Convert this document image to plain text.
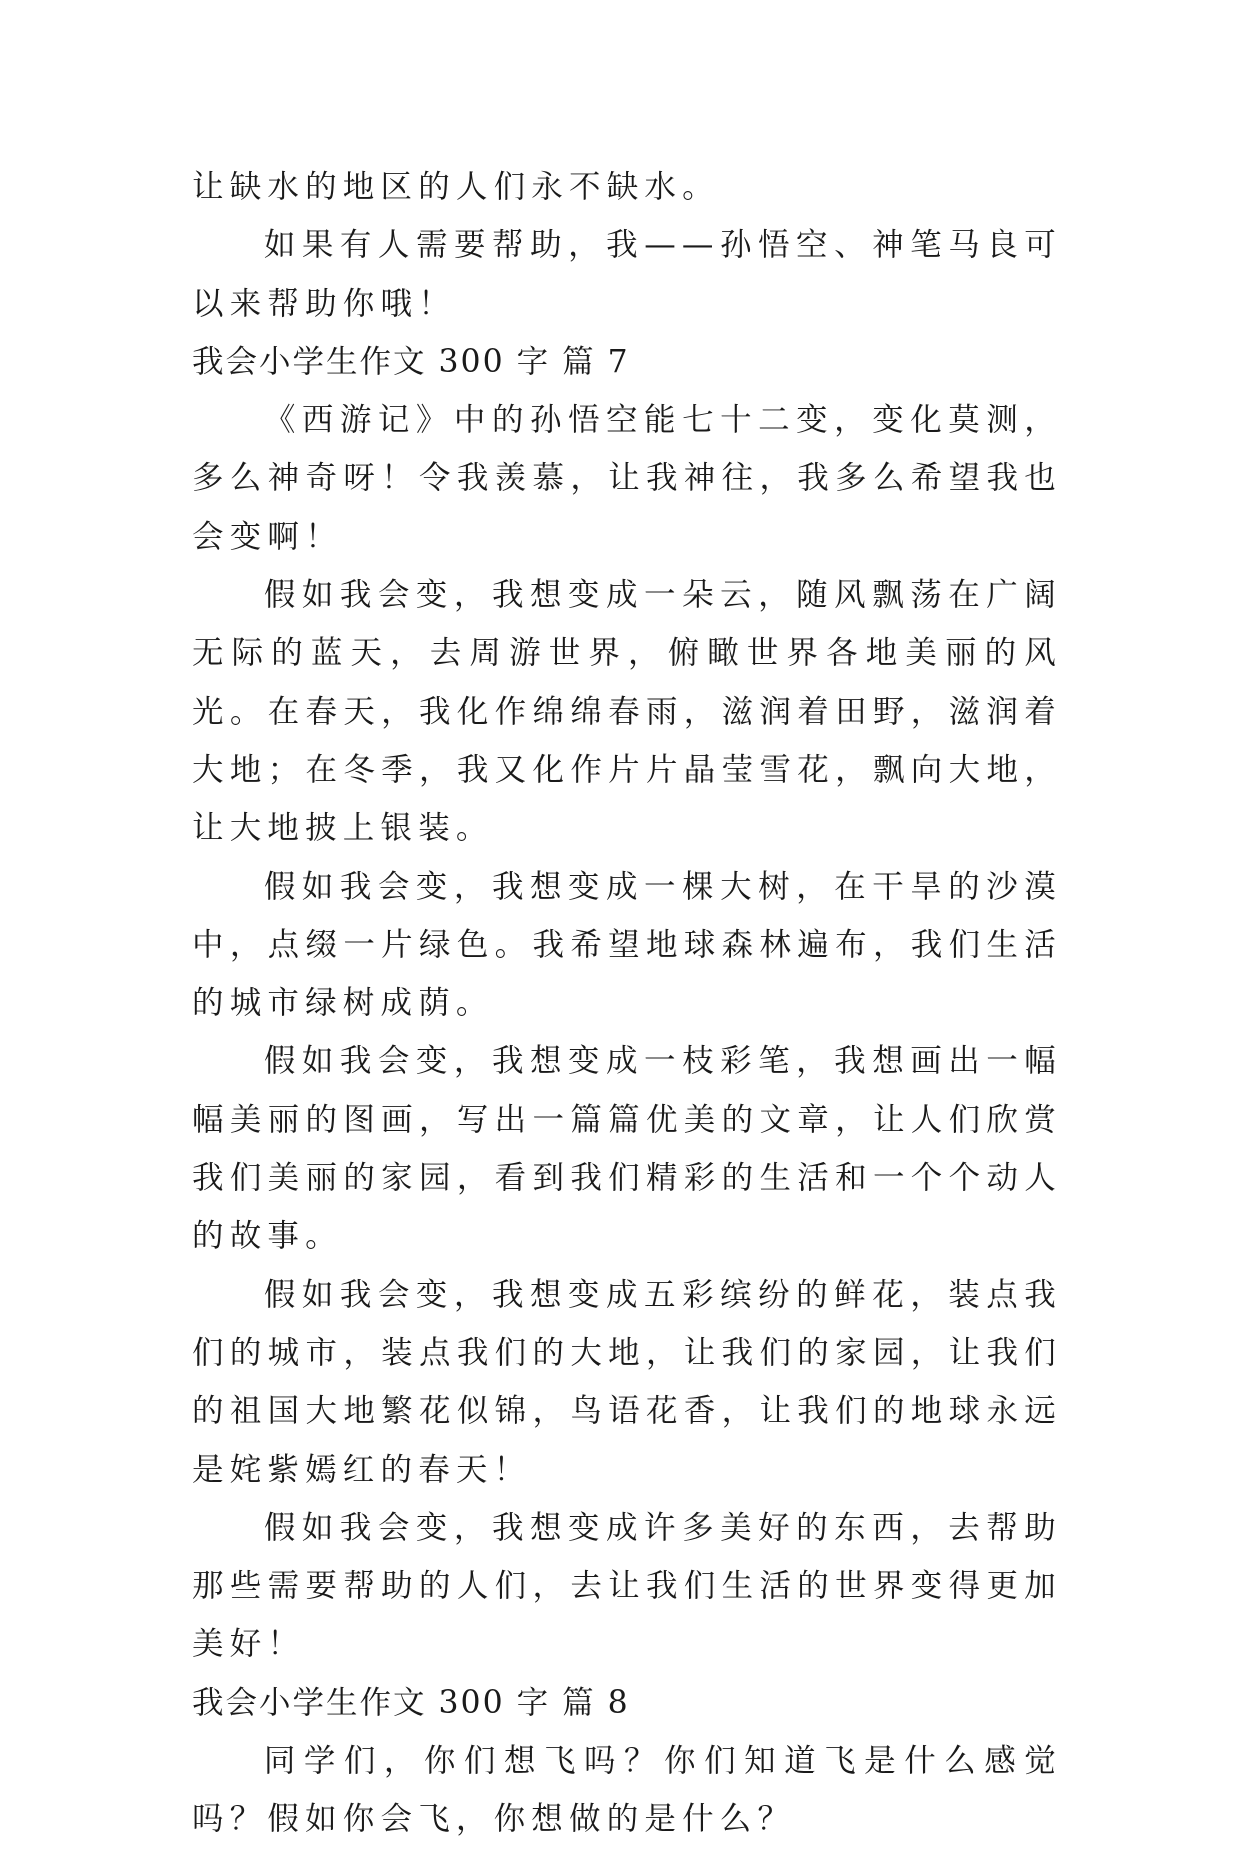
让缺水的地区的人们永不缺水。

如果有人需要帮助，我——孙悟空、神笔马良可以来帮助你哦！

我会小学生作文 300 字 篇 7

《西游记》中的孙悟空能七十二变，变化莫测，多么神奇呀！令我羡慕，让我神往，我多么希望我也会变啊！

假如我会变，我想变成一朵云，随风飘荡在广阔无际的蓝天，去周游世界，俯瞰世界各地美丽的风光。在春天，我化作绵绵春雨，滋润着田野，滋润着大地；在冬季，我又化作片片晶莹雪花，飘向大地，让大地披上银装。

假如我会变，我想变成一棵大树，在干旱的沙漠中，点缀一片绿色。我希望地球森林遍布，我们生活的城市绿树成荫。

假如我会变，我想变成一枝彩笔，我想画出一幅幅美丽的图画，写出一篇篇优美的文章，让人们欣赏我们美丽的家园，看到我们精彩的生活和一个个动人的故事。

假如我会变，我想变成五彩缤纷的鲜花，装点我们的城市，装点我们的大地，让我们的家园，让我们的祖国大地繁花似锦，鸟语花香，让我们的地球永远是姹紫嫣红的春天！

假如我会变，我想变成许多美好的东西，去帮助那些需要帮助的人们，去让我们生活的世界变得更加美好！

我会小学生作文 300 字 篇 8

同学们，你们想飞吗？你们知道飞是什么感觉吗？假如你会飞，你想做的是什么？
